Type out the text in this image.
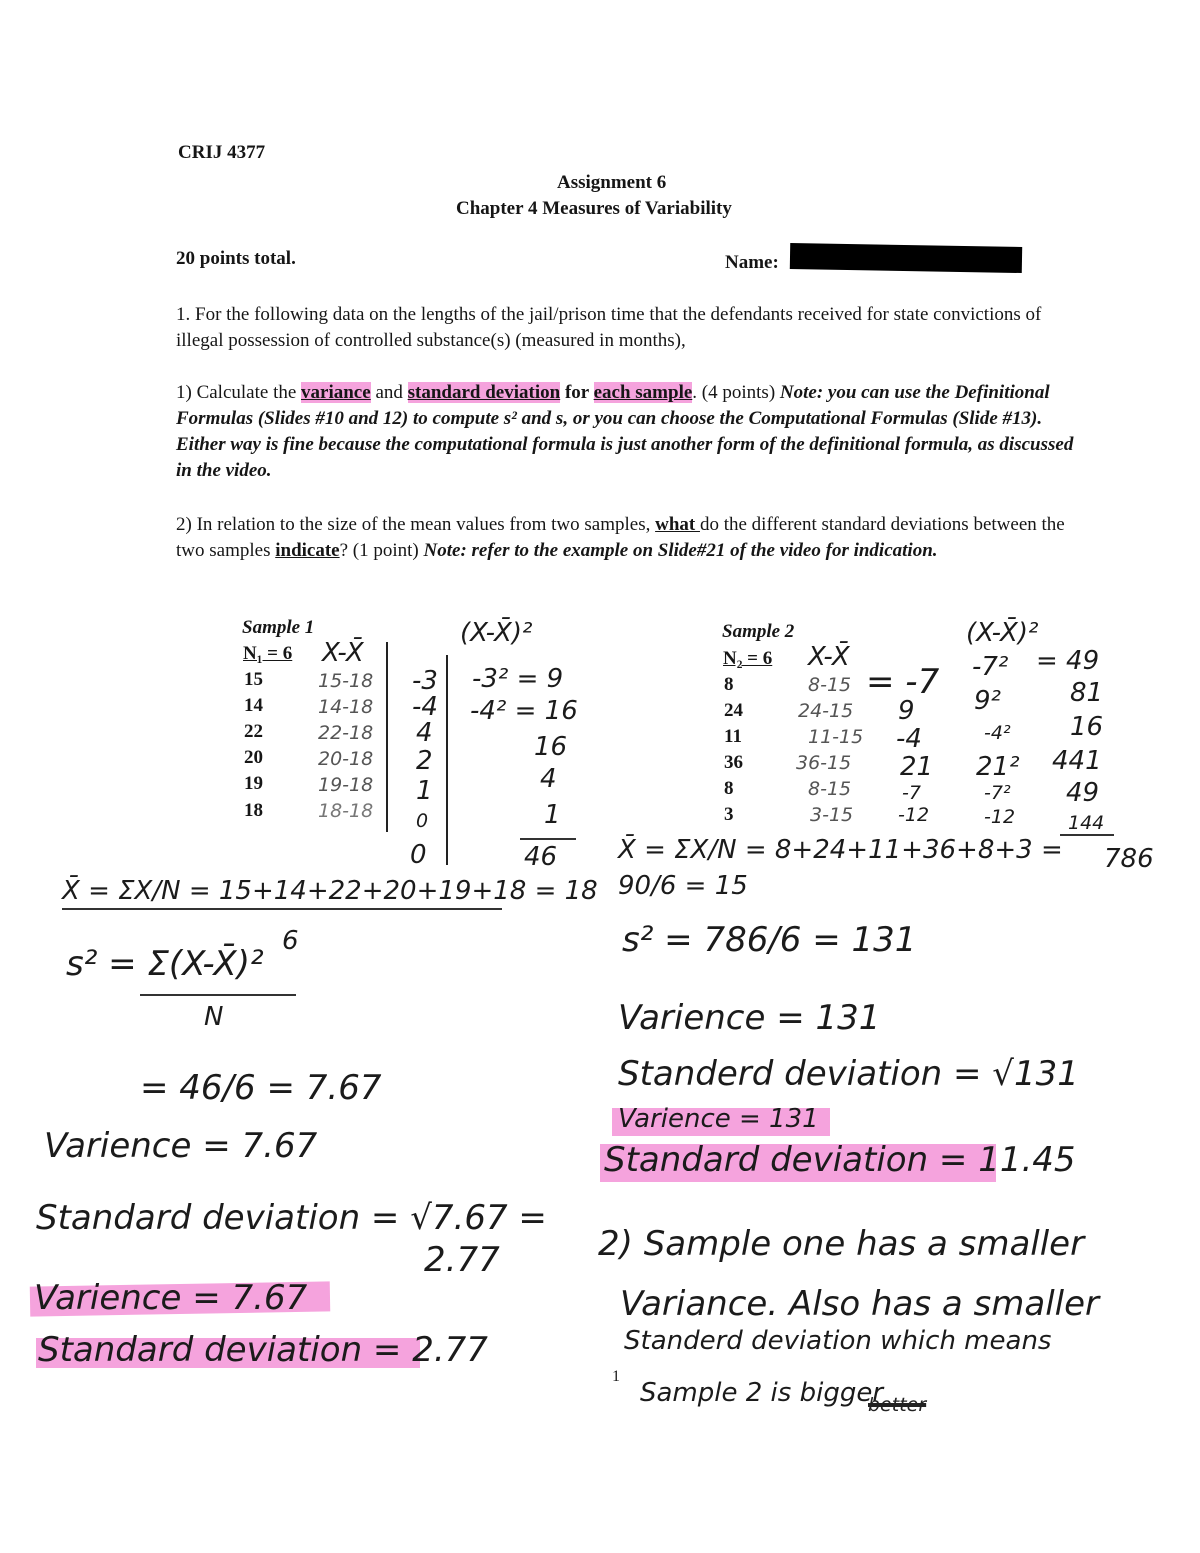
CRIJ 4377
Assignment 6
Chapter 4 Measures of Variability
20 points total.	Name:
1. For the following data on the lengths of the jail/prison time that the defendants received for state convictions of illegal possession of controlled substance(s) (measured in months),
1) Calculate the variance and standard deviation for each sample. (4 points) Note: you can use the Definitional Formulas (Slides #10 and 12) to compute s² and s, or you can choose the Computational Formulas (Slide #13). Either way is fine because the computational formula is just another form of the definitional formula, as discussed in the video.
2) In relation to the size of the mean values from two samples, what do the different standard deviations between the two samples indicate? (1 point) Note: refer to the example on Slide#21 of the video for indication.
Sample 1
N₁ = 6
15
14
22
20
19
18
X-X̄
15-18
14-18
22-18
20-18
19-18
18-18
-3
-4
4
2
1
0
0
(X-X̄)²
-3² = 9
-4² = 16
16
4
1
46
X̄ = ΣX/N = 15+14+22+20+19+18 = 18
s² = Σ(X-X̄)²
6
N
= 46/6 = 7.67
Varience = 7.67
Standard deviation = √7.67 =
2.77
Varience = 7.67
Standard deviation = 2.77
Sample 2
N₂ = 6
8
24
11
36
8
3
X-X̄
8-15
24-15
11-15
36-15
8-15
3-15
= -7
9
-4
21
-7
-12
(X-X̄)²
-7²
9²
-4²
21²
-7²
-12
= 49
81
16
441
49
144
X̄ = ΣX/N = 8+24+11+36+8+3 = 90/6 = 15
786
s² = 786/6 = 131
Varience = 131
Standerd deviation = √131
Varience = 131
Standard deviation = 11.45
2) Sample one has a smaller
Variance. Also has a smaller
Standerd deviation which means
Sample 2 is bigger
better
1
